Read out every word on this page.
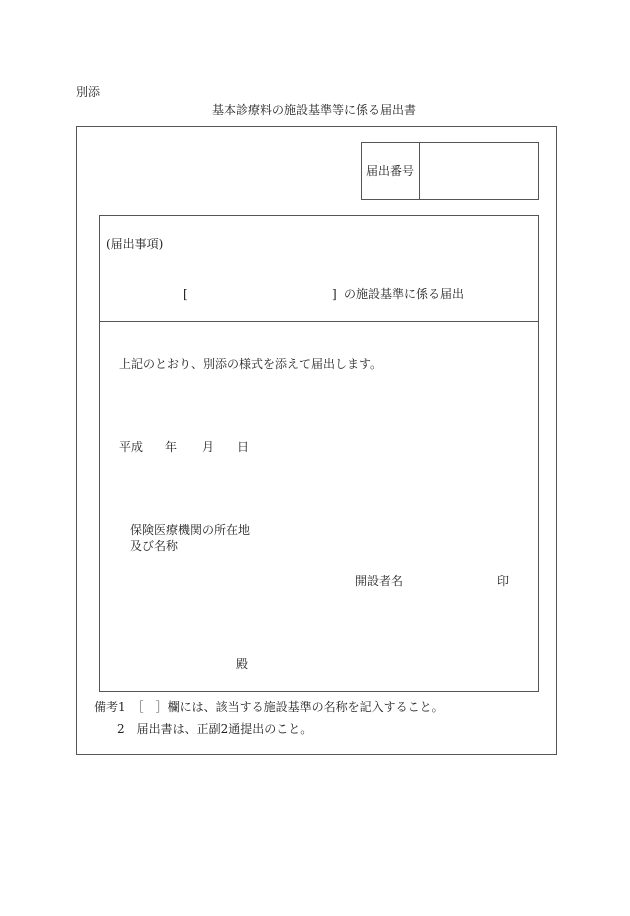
別添
基本診療料の施設基準等に係る届出書
届出番号
(届出事項)
[	] の施設基準に係る届出
上記のとおり、別添の様式を添えて届出します。
平成 年 月 日
保険医療機関の所在地
及び名称
開設者名	印
殿
備考1　［　］欄には、該当する施設基準の名称を記入すること。
2　届出書は、正副2通提出のこと。
